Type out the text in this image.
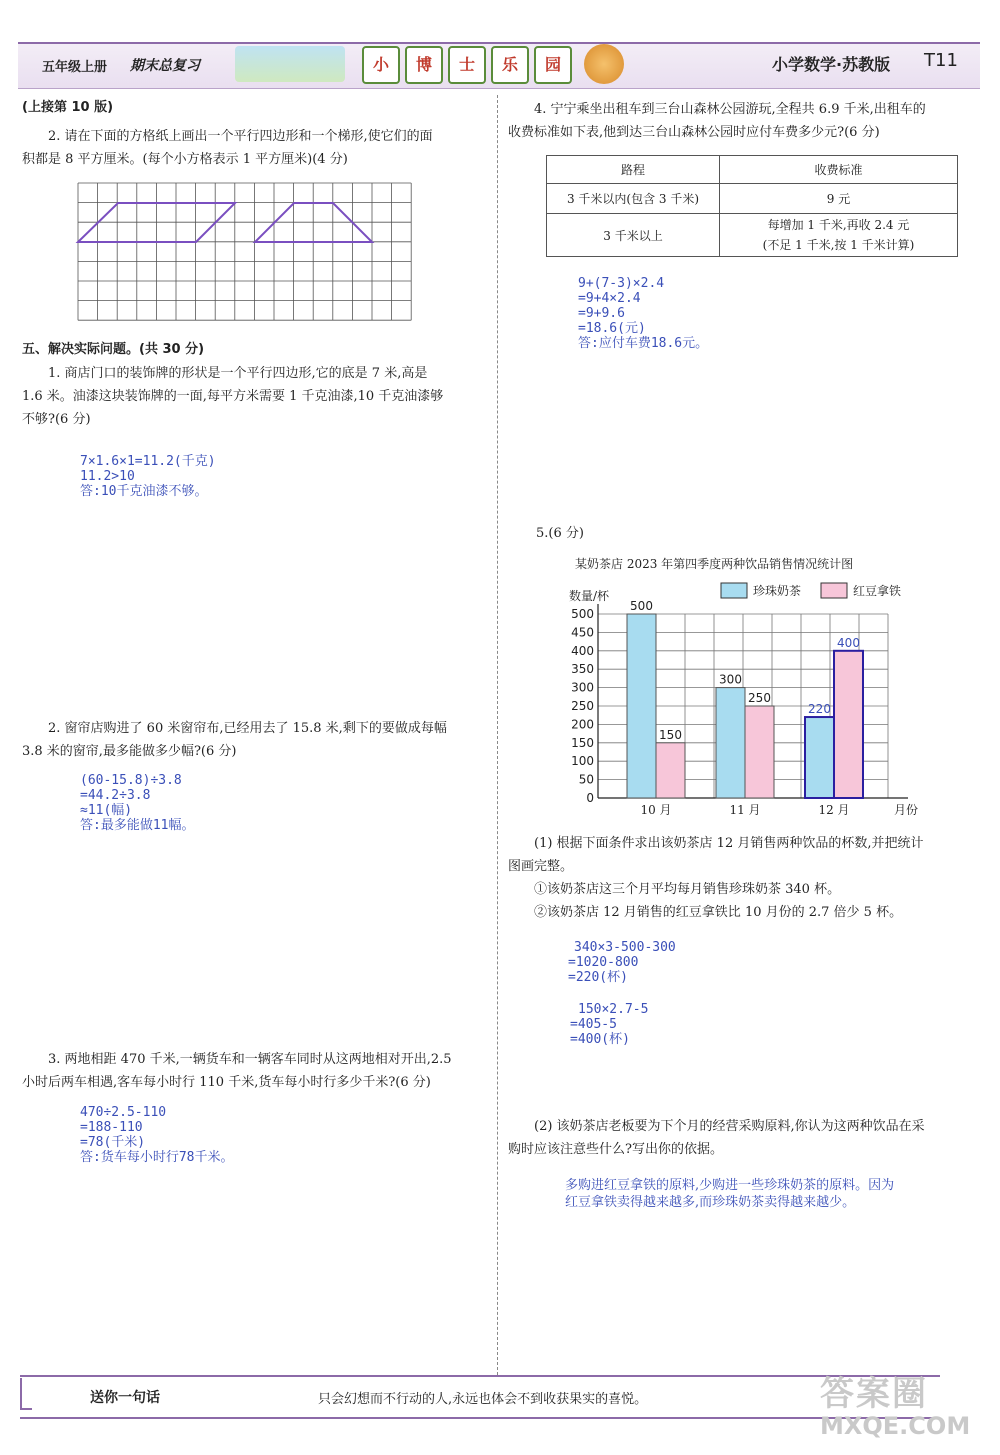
五年级上册 期末总复习	小	博	士	乐	园	小学数学·苏教版 T11
(上接第 10 版)
2. 请在下面的方格纸上画出一个平行四边形和一个梯形,使它们的面
积都是 8 平方厘米。(每个小方格表示 1 平方厘米)(4 分)
五、解决实际问题。(共 30 分)
1. 商店门口的装饰牌的形状是一个平行四边形,它的底是 7 米,高是
1.6 米。油漆这块装饰牌的一面,每平方米需要 1 千克油漆,10 千克油漆够
不够?(6 分)
7×1.6×1=11.2(千克)
11.2>10
答:10千克油漆不够。
2. 窗帘店购进了 60 米窗帘布,已经用去了 15.8 米,剩下的要做成每幅
3.8 米的窗帘,最多能做多少幅?(6 分)
(60-15.8)÷3.8
=44.2÷3.8
≈11(幅)
答:最多能做11幅。
3. 两地相距 470 千米,一辆货车和一辆客车同时从这两地相对开出,2.5
小时后两车相遇,客车每小时行 110 千米,货车每小时行多少千米?(6 分)
470÷2.5-110
=188-110
=78(千米)
答:货车每小时行78千米。
4. 宁宁乘坐出租车到三台山森林公园游玩,全程共 6.9 千米,出租车的
收费标准如下表,他到达三台山森林公园时应付车费多少元?(6 分)
路程	收费标准
3 千米以内(包含 3 千米)	9 元
3 千米以上	每增加 1 千米,再收 2.4 元
(不足 1 千米,按 1 千米计算)
9+(7-3)×2.4
=9+4×2.4
=9+9.6
=18.6(元)
答:应付车费18.6元。
5.(6 分)
某奶茶店 2023 年第四季度两种饮品销售情况统计图
珍珠奶茶	红豆拿铁
数量/杯
0
50
100
150
200
250
300
350
400
450
500
500
150
10 月
300
250
11 月
220
400
12 月	月份
(1) 根据下面条件求出该奶茶店 12 月销售两种饮品的杯数,并把统计
图画完整。
①该奶茶店这三个月平均每月销售珍珠奶茶 340 杯。
②该奶茶店 12 月销售的红豆拿铁比 10 月份的 2.7 倍少 5 杯。
340×3-500-300
=1020-800
=220(杯)
150×2.7-5
=405-5
=400(杯)
(2) 该奶茶店老板要为下个月的经营采购原料,你认为这两种饮品在采
购时应该注意些什么?写出你的依据。
多购进红豆拿铁的原料,少购进一些珍珠奶茶的原料。因为
红豆拿铁卖得越来越多,而珍珠奶茶卖得越来越少。
送你一句话	只会幻想而不行动的人,永远也体会不到收获果实的喜悦。	答案圈
MXQE.COM
